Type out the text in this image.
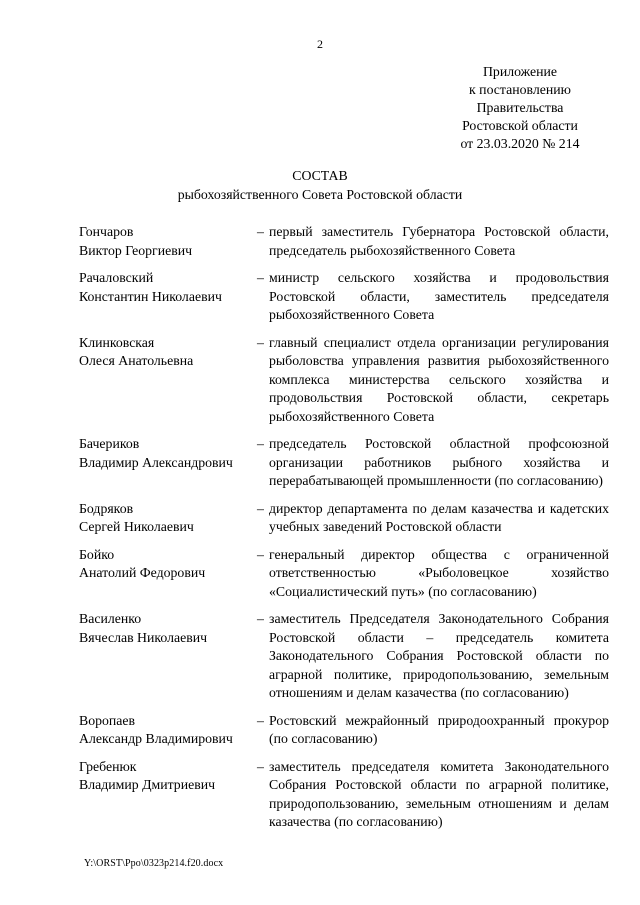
2
Приложение
к постановлению
Правительства
Ростовской области
от 23.03.2020 № 214
СОСТАВ
рыбохозяйственного Совета Ростовской области
Гончаров
Виктор Георгиевич
– первый заместитель Губернатора Ростовской области, председатель рыбохозяйственного Совета
Рачаловский
Константин Николаевич
– министр сельского хозяйства и продовольствия Ростовской области, заместитель председателя рыбохозяйственного Совета
Клинковская
Олеся Анатольевна
– главный специалист отдела организации регулирования рыболовства управления развития рыбохозяйственного комплекса министерства сельского хозяйства и продовольствия Ростовской области, секретарь рыбохозяйственного Совета
Бачериков
Владимир Александрович
– председатель Ростовской областной профсоюзной организации работников рыбного хозяйства и перерабатывающей промышленности (по согласованию)
Бодряков
Сергей Николаевич
– директор департамента по делам казачества и кадетских учебных заведений Ростовской области
Бойко
Анатолий Федорович
– генеральный директор общества с ограниченной ответственностью «Рыболовецкое хозяйство «Социалистический путь» (по согласованию)
Василенко
Вячеслав Николаевич
– заместитель Председателя Законодательного Собрания Ростовской области – председатель комитета Законодательного Собрания Ростовской области по аграрной политике, природопользованию, земельным отношениям и делам казачества (по согласованию)
Воропаев
Александр Владимирович
– Ростовский межрайонный природоохранный прокурор (по согласованию)
Гребенюк
Владимир Дмитриевич
– заместитель председателя комитета Законодательного Собрания Ростовской области по аграрной политике, природопользованию, земельным отношениям и делам казачества (по согласованию)
Y:\ORST\Ppo\0323p214.f20.docx
